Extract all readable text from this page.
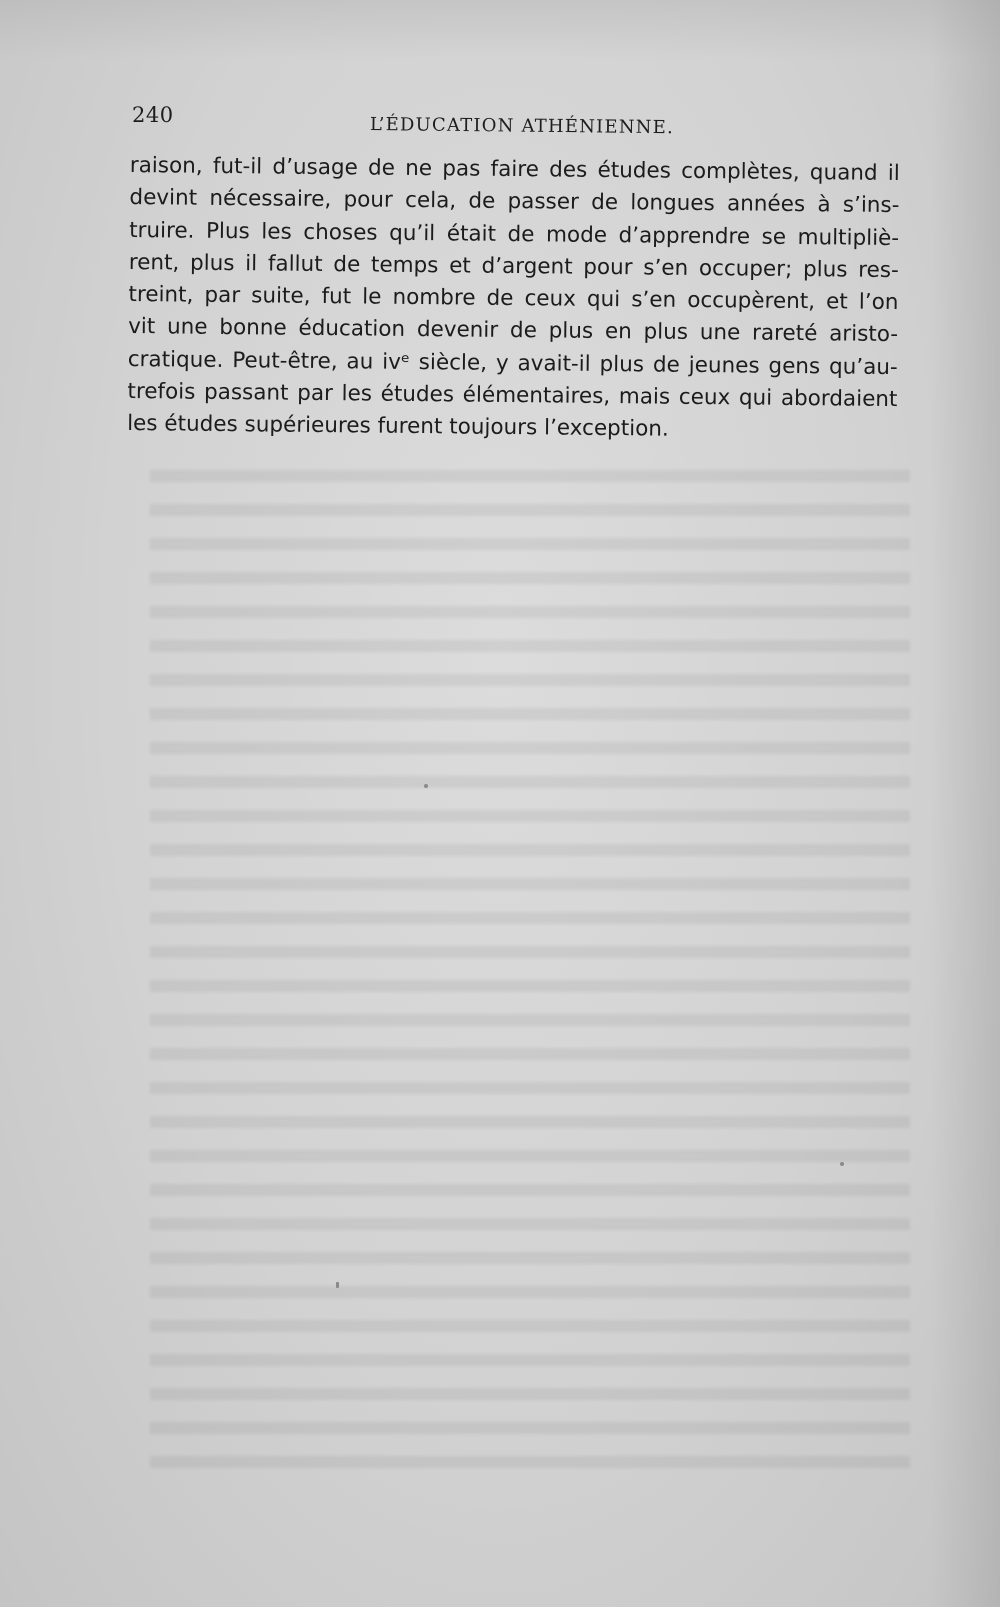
240	L’ÉDUCATION ATHÉNIENNE.
raison, fut-il d’usage de ne pas faire des études complètes, quand il
devint nécessaire, pour cela, de passer de longues années à s’ins-
truire. Plus les choses qu’il était de mode d’apprendre se multipliè-
rent, plus il fallut de temps et d’argent pour s’en occuper; plus res-
treint, par suite, fut le nombre de ceux qui s’en occupèrent, et l’on
vit une bonne éducation devenir de plus en plus une rareté aristo-
cratique. Peut-être, au ivᵉ siècle, y avait-il plus de jeunes gens qu’au-
trefois passant par les études élémentaires, mais ceux qui abordaient
les études supérieures furent toujours l’exception.
